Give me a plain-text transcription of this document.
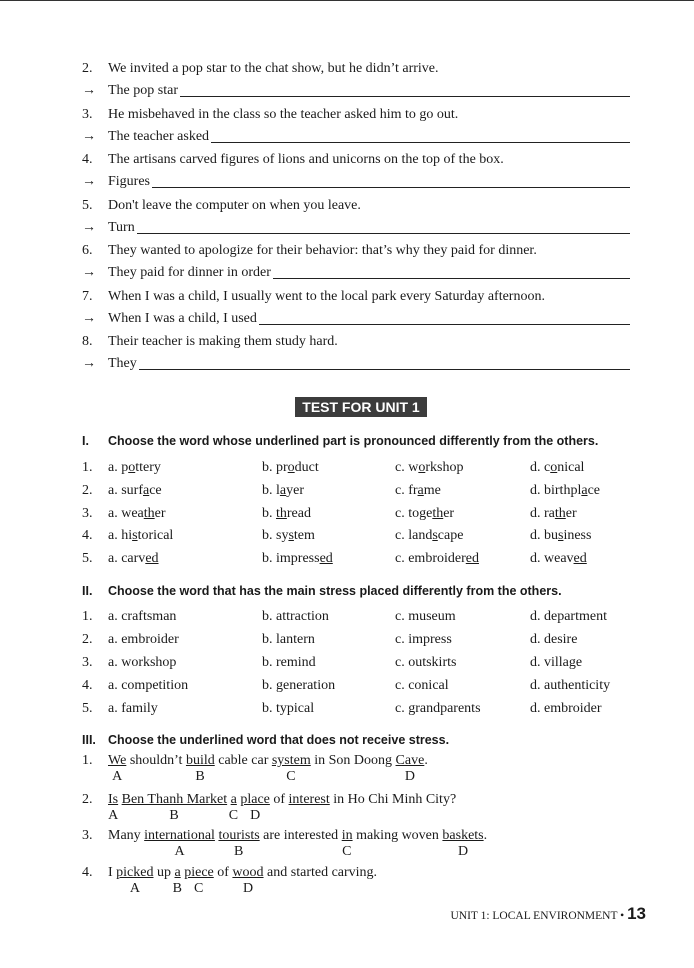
2. We invited a pop star to the chat show, but he didn’t arrive.
→ The pop star
3. He misbehaved in the class so the teacher asked him to go out.
→ The teacher asked
4. The artisans carved figures of lions and unicorns on the top of the box.
→ Figures
5. Don't leave the computer on when you leave.
→ Turn
6. They wanted to apologize for their behavior: that’s why they paid for dinner.
→ They paid for dinner in order
7. When I was a child, I usually went to the local park every Saturday afternoon.
→ When I was a child, I used
8. Their teacher is making them study hard.
→ They
TEST FOR UNIT 1
I. Choose the word whose underlined part is pronounced differently from the others.
1. a. pottery	b. product	c. workshop	d. conical
2. a. surface	b. layer	c. frame	d. birthplace
3. a. weather	b. thread	c. together	d. rather
4. a. historical	b. system	c. landscape	d. business
5. a. carved	b. impressed	c. embroidered	d. weaved
II. Choose the word that has the main stress placed differently from the others.
1. a. craftsman	b. attraction	c. museum	d. department
2. a. embroider	b. lantern	c. impress	d. desire
3. a. workshop	b. remind	c. outskirts	d. village
4. a. competition	b. generation	c. conical	d. authenticity
5. a. family	b. typical	c. grandparents	d. embroider
III. Choose the underlined word that does not receive stress.
1. We shouldn’t build cable car system in Son Doong Cave.
2. Is Ben Thanh Market a place of interest in Ho Chi Minh City?
3. Many international tourists are interested in making woven baskets.
4. I picked up a piece of wood and started carving.
UNIT 1: LOCAL ENVIRONMENT • 13
A	B	C	D
A	B	C D
A	B	C	D
A B C	D
